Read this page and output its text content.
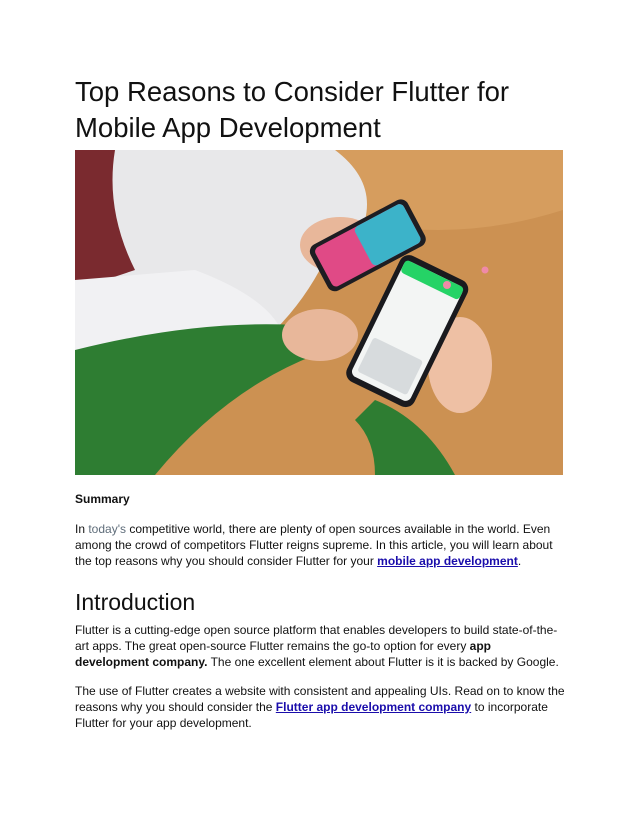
Top Reasons to Consider Flutter for Mobile App Development

Summary

In today's competitive world, there are plenty of open sources available in the world. Even among the crowd of competitors Flutter reigns supreme. In this article, you will learn about the top reasons why you should consider Flutter for your mobile app development.

Introduction

Flutter is a cutting-edge open source platform that enables developers to build state-of-the-art apps. The great open-source Flutter remains the go-to option for every app development company. The one excellent element about Flutter is it is backed by Google.

The use of Flutter creates a website with consistent and appealing UIs. Read on to know the reasons why you should consider the Flutter app development company to incorporate Flutter for your app development.
